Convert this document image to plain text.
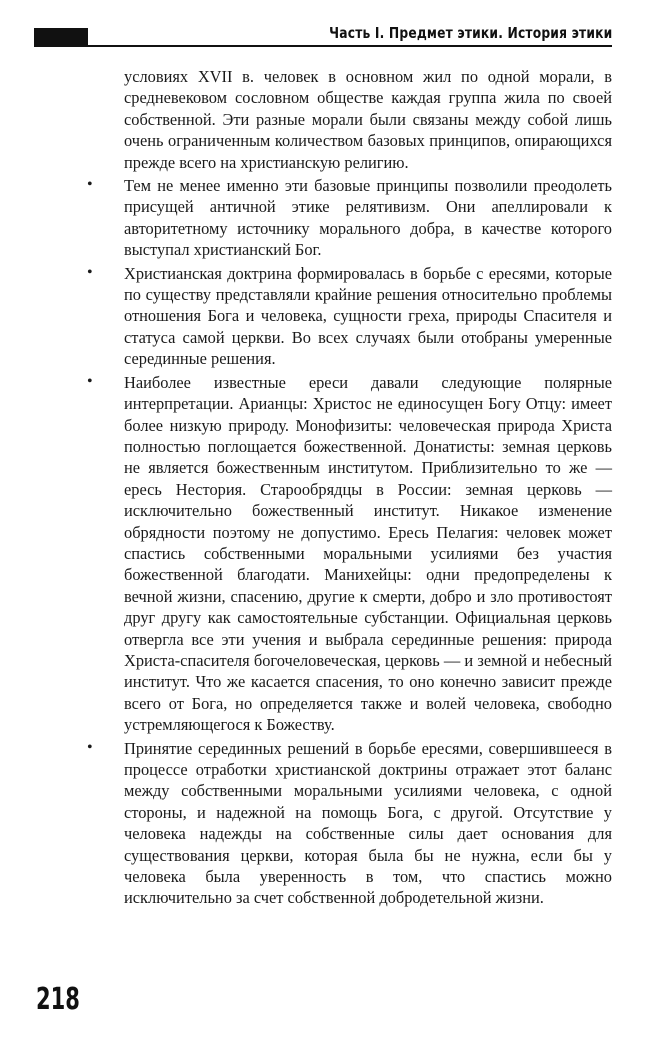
Часть I. Предмет этики. История этики

условиях XVII в. человек в основном жил по одной морали, в средневековом сословном обществе каждая группа жила по своей собственной. Эти разные морали были связаны между собой лишь очень ограниченным количеством базовых принципов, опирающихся прежде всего на христианскую религию.

• Тем не менее именно эти базовые принципы позволили преодолеть присущей античной этике релятивизм. Они апеллировали к авторитетному источнику морального добра, в качестве которого выступал христианский Бог.

• Христианская доктрина формировалась в борьбе с ересями, которые по существу представляли крайние решения относительно проблемы отношения Бога и человека, сущности греха, природы Спасителя и статуса самой церкви. Во всех случаях были отобраны умеренные серединные решения.

• Наиболее известные ереси давали следующие полярные интерпретации. Арианцы: Христос не единосущен Богу Отцу: имеет более низкую природу. Монофизиты: человеческая природа Христа полностью поглощается божественной. Донатисты: земная церковь не является божественным институтом. Приблизительно то же — ересь Нестория. Старообрядцы в России: земная церковь — исключительно божественный институт. Никакое изменение обрядности поэтому не допустимо. Ересь Пелагия: человек может спастись собственными моральными усилиями без участия божественной благодати. Манихейцы: одни предопределены к вечной жизни, спасению, другие к смерти, добро и зло противостоят друг другу как самостоятельные субстанции. Официальная церковь отвергла все эти учения и выбрала серединные решения: природа Христа-спасителя богочеловеческая, церковь — и земной и небесный институт. Что же касается спасения, то оно конечно зависит прежде всего от Бога, но определяется также и волей человека, свободно устремляющегося к Божеству.

• Принятие серединных решений в борьбе ересями, совершившееся в процессе отработки христианской доктрины отражает этот баланс между собственными моральными усилиями человека, с одной стороны, и надежной на помощь Бога, с другой. Отсутствие у человека надежды на собственные силы дает основания для существования церкви, которая была бы не нужна, если бы у человека была уверенность в том, что спастись можно исключительно за счет собственной добродетельной жизни.

218
